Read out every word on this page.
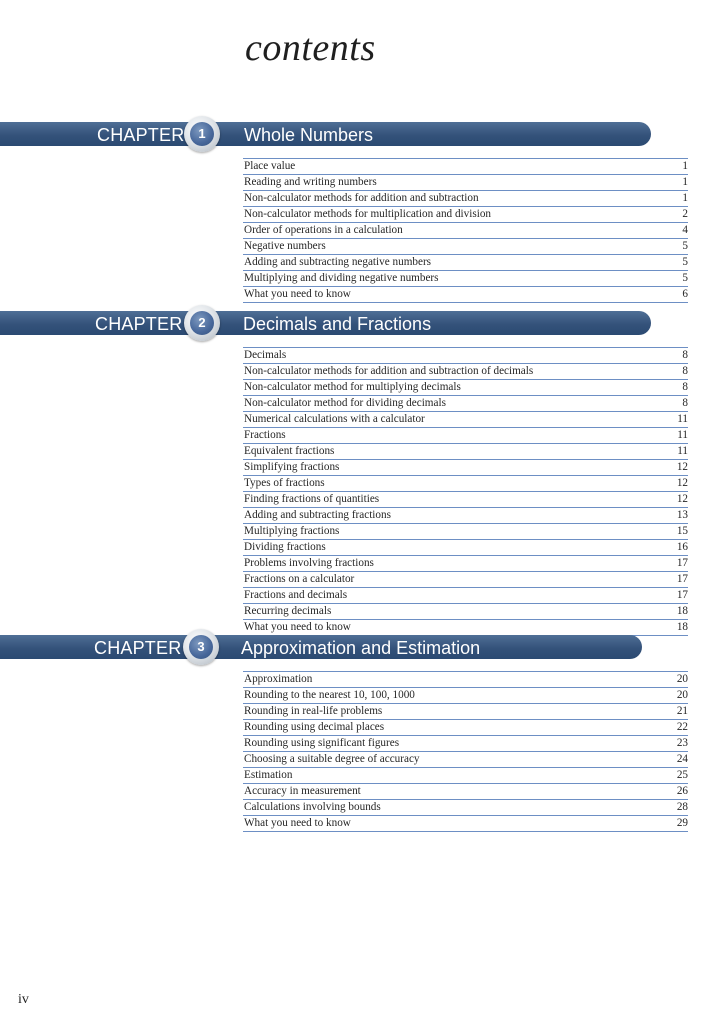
contents
CHAPTER	1	Whole Numbers
Place value	1
Reading and writing numbers	1
Non-calculator methods for addition and subtraction	1
Non-calculator methods for multiplication and division	2
Order of operations in a calculation	4
Negative numbers	5
Adding and subtracting negative numbers	5
Multiplying and dividing negative numbers	5
What you need to know	6
CHAPTER	2	Decimals and Fractions
Decimals	8
Non-calculator methods for addition and subtraction of decimals	8
Non-calculator method for multiplying decimals	8
Non-calculator method for dividing decimals	8
Numerical calculations with a calculator	11
Fractions	11
Equivalent fractions	11
Simplifying fractions	12
Types of fractions	12
Finding fractions of quantities	12
Adding and subtracting fractions	13
Multiplying fractions	15
Dividing fractions	16
Problems involving fractions	17
Fractions on a calculator	17
Fractions and decimals	17
Recurring decimals	18
What you need to know	18
CHAPTER	3	Approximation and Estimation
Approximation	20
Rounding to the nearest 10, 100, 1000	20
Rounding in real-life problems	21
Rounding using decimal places	22
Rounding using significant figures	23
Choosing a suitable degree of accuracy	24
Estimation	25
Accuracy in measurement	26
Calculations involving bounds	28
What you need to know	29
iv
